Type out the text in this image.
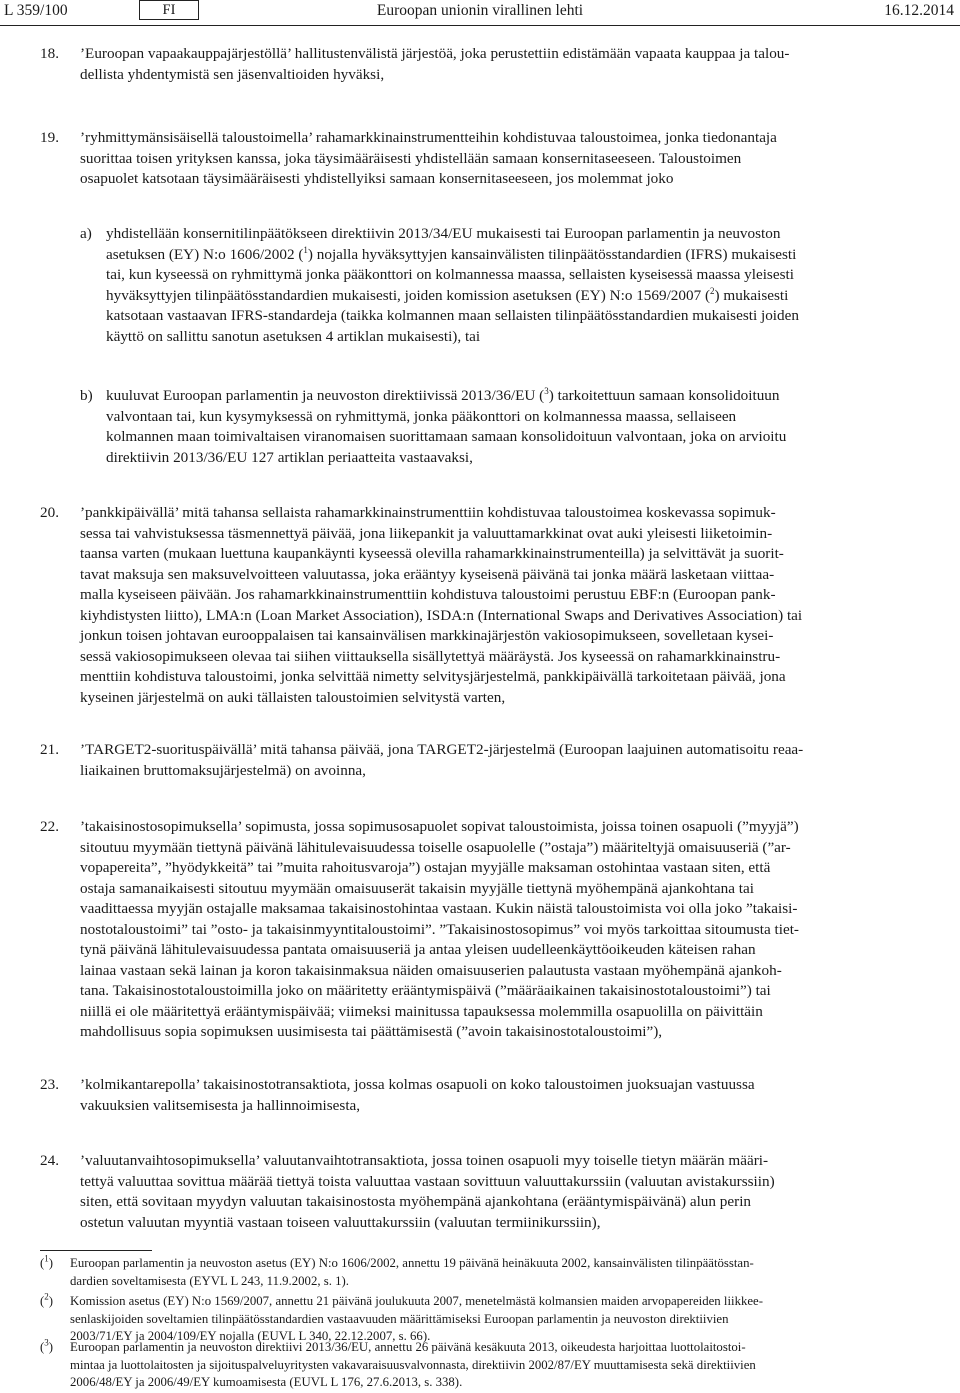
L 359/100	FI	Euroopan unionin virallinen lehti	16.12.2014
18.	’Euroopan vapaakauppajärjestöllä’ hallitustenvälistä järjestöä, joka perustettiin edistämään vapaata kauppaa ja talou-
dellista yhdentymistä sen jäsenvaltioiden hyväksi,
19.	’ryhmittymänsisäisellä taloustoimella’ rahamarkkinainstrumentteihin kohdistuvaa taloustoimea, jonka tiedonantaja
suorittaa toisen yrityksen kanssa, joka täysimääräisesti yhdistellään samaan konsernitaseeseen. Taloustoimen
osapuolet katsotaan täysimääräisesti yhdistellyiksi samaan konsernitaseeseen, jos molemmat joko
a) yhdistellään konsernitilinpäätökseen direktiivin 2013/34/EU mukaisesti tai Euroopan parlamentin ja neuvoston
asetuksen (EY) N:o 1606/2002 ($^1$) nojalla hyväksyttyjen kansainvälisten tilinpäätösstandardien (IFRS) mukaisesti
tai, kun kyseessä on ryhmittymä jonka pääkonttori on kolmannessa maassa, sellaisten kyseisessä maassa yleisesti
hyväksyttyjen tilinpäätösstandardien mukaisesti, joiden komission asetuksen (EY) N:o 1569/2007 ($^2$) mukaisesti
katsotaan vastaavan IFRS-standardeja (taikka kolmannen maan sellaisten tilinpäätösstandardien mukaisesti joiden
käyttö on sallittu sanotun asetuksen 4 artiklan mukaisesti), tai
b) kuuluvat Euroopan parlamentin ja neuvoston direktiivissä 2013/36/EU ($^3$) tarkoitettuun samaan konsolidoituun
valvontaan tai, kun kysymyksessä on ryhmittymä, jonka pääkonttori on kolmannessa maassa, sellaiseen
kolmannen maan toimivaltaisen viranomaisen suorittamaan samaan konsolidoituun valvontaan, joka on arvioitu
direktiivin 2013/36/EU 127 artiklan periaatteita vastaavaksi,
20.	’pankkipäivällä’ mitä tahansa sellaista rahamarkkinainstrumenttiin kohdistuvaa taloustoimea koskevassa sopimuk-
sessa tai vahvistuksessa täsmennettyä päivää, jona liikepankit ja valuuttamarkkinat ovat auki yleisesti liiketoimin-
taansa varten (mukaan luettuna kaupankäynti kyseessä olevilla rahamarkkinainstrumenteilla) ja selvittävät ja suorit-
tavat maksuja sen maksuvelvoitteen valuutassa, joka erääntyy kyseisenä päivänä tai jonka määrä lasketaan viittaa-
malla kyseiseen päivään. Jos rahamarkkinainstrumenttiin kohdistuva taloustoimi perustuu EBF:n (Euroopan pank-
kiyhdistysten liitto), LMA:n (Loan Market Association), ISDA:n (International Swaps and Derivatives Association) tai
jonkun toisen johtavan eurooppalaisen tai kansainvälisen markkinajärjestön vakiosopimukseen, sovelletaan kysei-
sessä vakiosopimukseen olevaa tai siihen viittauksella sisällytettyä määräystä. Jos kyseessä on rahamarkkinainstru-
menttiin kohdistuva taloustoimi, jonka selvittää nimetty selvitysjärjestelmä, pankkipäivällä tarkoitetaan päivää, jona
kyseinen järjestelmä on auki tällaisten taloustoimien selvitystä varten,
21.	’TARGET2-suorituspäivällä’ mitä tahansa päivää, jona TARGET2-järjestelmä (Euroopan laajuinen automatisoitu reaa-
liaikainen bruttomaksujärjestelmä) on avoinna,
22.	’takaisinostosopimuksella’ sopimusta, jossa sopimusosapuolet sopivat taloustoimista, joissa toinen osapuoli (”myyjä”)
sitoutuu myymään tiettynä päivänä lähitulevaisuudessa toiselle osapuolelle (”ostaja”) määriteltyjä omaisuuseriä (”ar-
vopapereita”, ”hyödykkeitä” tai ”muita rahoitusvaroja”) ostajan myyjälle maksaman ostohintaa vastaan siten, että
ostaja samanaikaisesti sitoutuu myymään omaisuuserät takaisin myyjälle tiettynä myöhempänä ajankohtana tai
vaadittaessa myyjän ostajalle maksamaa takaisinostohintaa vastaan. Kukin näistä taloustoimista voi olla joko ”takaisi-
nostotaloustoimi” tai ”osto- ja takaisinmyyntitaloustoimi”. ”Takaisinostosopimus” voi myös tarkoittaa sitoumusta tiet-
tynä päivänä lähitulevaisuudessa pantata omaisuuseriä ja antaa yleisen uudelleenkäyttöoikeuden käteisen rahan
lainaa vastaan sekä lainan ja koron takaisinmaksua näiden omaisuuserien palautusta vastaan myöhempänä ajankoh-
tana. Takaisinostotaloustoimilla joko on määritetty erääntymispäivä (”määräaikainen takaisinostotaloustoimi”) tai
niillä ei ole määritettyä erääntymispäivää; viimeksi mainitussa tapauksessa molemmilla osapuolilla on päivittäin
mahdollisuus sopia sopimuksen uusimisesta tai päättämisestä (”avoin takaisinostotaloustoimi”),
23.	’kolmikantarepolla’ takaisinostotransaktiota, jossa kolmas osapuoli on koko taloustoimen juoksuajan vastuussa
vakuuksien valitsemisesta ja hallinnoimisesta,
24.	’valuutanvaihtosopimuksella’ valuutanvaihtotransaktiota, jossa toinen osapuoli myy toiselle tietyn määrän määri-
tettyä valuuttaa sovittua määrää tiettyä toista valuuttaa vastaan sovittuun valuuttakurssiin (valuutan avistakurssiin)
siten, että sovitaan myydyn valuutan takaisinostosta myöhempänä ajankohtana (erääntymispäivänä) alun perin
ostetun valuutan myyntiä vastaan toiseen valuuttakurssiin (valuutan termiinikurssiin),
($^1$)	Euroopan parlamentin ja neuvoston asetus (EY) N:o 1606/2002, annettu 19 päivänä heinäkuuta 2002, kansainvälisten tilinpäätösstan-
dardien soveltamisesta (EYVL L 243, 11.9.2002, s. 1).
($^2$)	Komission asetus (EY) N:o 1569/2007, annettu 21 päivänä joulukuuta 2007, menetelmästä kolmansien maiden arvopapereiden liikkee-
senlaskijoiden soveltamien tilinpäätösstandardien vastaavuuden määrittämiseksi Euroopan parlamentin ja neuvoston direktiivien
2003/71/EY ja 2004/109/EY nojalla (EUVL L 340, 22.12.2007, s. 66).
($^3$)	Euroopan parlamentin ja neuvoston direktiivi 2013/36/EU, annettu 26 päivänä kesäkuuta 2013, oikeudesta harjoittaa luottolaitostoi-
mintaa ja luottolaitosten ja sijoituspalveluyritysten vakavaraisuusvalvonnasta, direktiivin 2002/87/EY muuttamisesta sekä direktiivien
2006/48/EY ja 2006/49/EY kumoamisesta (EUVL L 176, 27.6.2013, s. 338).
